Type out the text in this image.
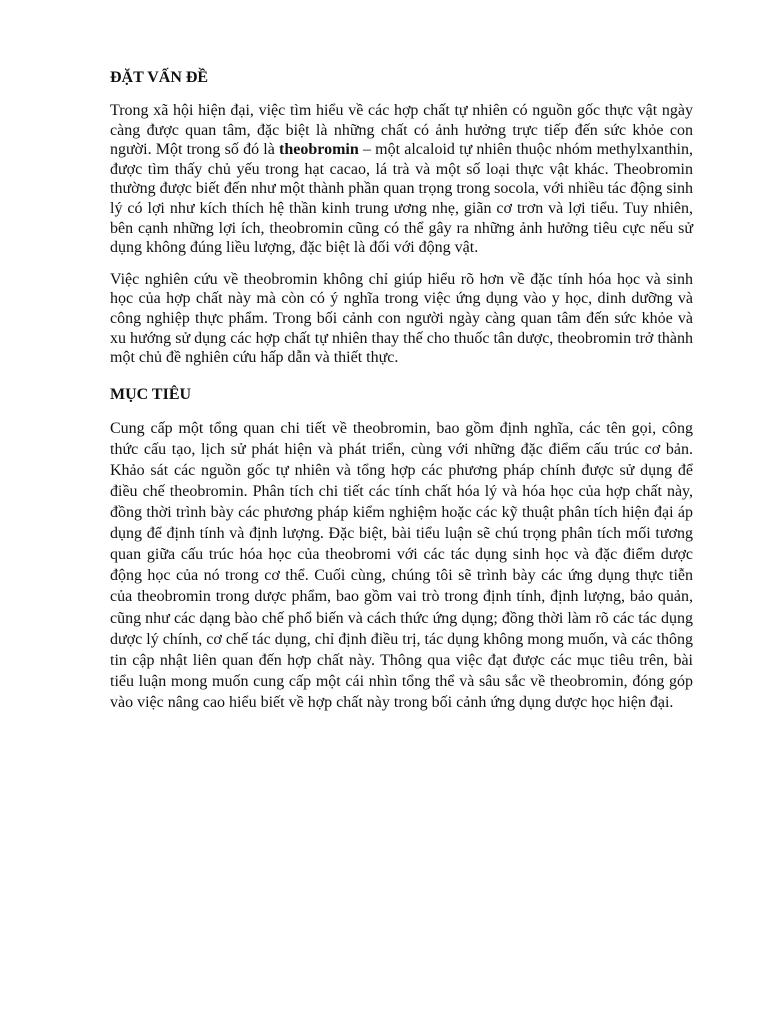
ĐẶT VẤN ĐỀ

Trong xã hội hiện đại, việc tìm hiểu về các hợp chất tự nhiên có nguồn gốc thực vật ngày càng được quan tâm, đặc biệt là những chất có ảnh hưởng trực tiếp đến sức khỏe con người. Một trong số đó là theobromin – một alcaloid tự nhiên thuộc nhóm methylxanthin, được tìm thấy chủ yếu trong hạt cacao, lá trà và một số loại thực vật khác. Theobromin thường được biết đến như một thành phần quan trọng trong socola, với nhiều tác động sinh lý có lợi như kích thích hệ thần kinh trung ương nhẹ, giãn cơ trơn và lợi tiểu. Tuy nhiên, bên cạnh những lợi ích, theobromin cũng có thể gây ra những ảnh hưởng tiêu cực nếu sử dụng không đúng liều lượng, đặc biệt là đối với động vật.

Việc nghiên cứu về theobromin không chỉ giúp hiểu rõ hơn về đặc tính hóa học và sinh học của hợp chất này mà còn có ý nghĩa trong việc ứng dụng vào y học, dinh dưỡng và công nghiệp thực phẩm. Trong bối cảnh con người ngày càng quan tâm đến sức khỏe và xu hướng sử dụng các hợp chất tự nhiên thay thế cho thuốc tân dược, theobromin trở thành một chủ đề nghiên cứu hấp dẫn và thiết thực.

MỤC TIÊU

Cung cấp một tổng quan chi tiết về theobromin, bao gồm định nghĩa, các tên gọi, công thức cấu tạo, lịch sử phát hiện và phát triển, cùng với những đặc điểm cấu trúc cơ bản. Khảo sát các nguồn gốc tự nhiên và tổng hợp các phương pháp chính được sử dụng để điều chế theobromin. Phân tích chi tiết các tính chất hóa lý và hóa học của hợp chất này, đồng thời trình bày các phương pháp kiểm nghiệm hoặc các kỹ thuật phân tích hiện đại áp dụng để định tính và định lượng. Đặc biệt, bài tiểu luận sẽ chú trọng phân tích mối tương quan giữa cấu trúc hóa học của theobromi với các tác dụng sinh học và đặc điểm dược động học của nó trong cơ thể. Cuối cùng, chúng tôi sẽ trình bày các ứng dụng thực tiễn của theobromin trong dược phẩm, bao gồm vai trò trong định tính, định lượng, bảo quản, cũng như các dạng bào chế phổ biến và cách thức ứng dụng; đồng thời làm rõ các tác dụng dược lý chính, cơ chế tác dụng, chỉ định điều trị, tác dụng không mong muốn, và các thông tin cập nhật liên quan đến hợp chất này. Thông qua việc đạt được các mục tiêu trên, bài tiểu luận mong muốn cung cấp một cái nhìn tổng thể và sâu sắc về theobromin, đóng góp vào việc nâng cao hiểu biết về hợp chất này trong bối cảnh ứng dụng dược học hiện đại.
